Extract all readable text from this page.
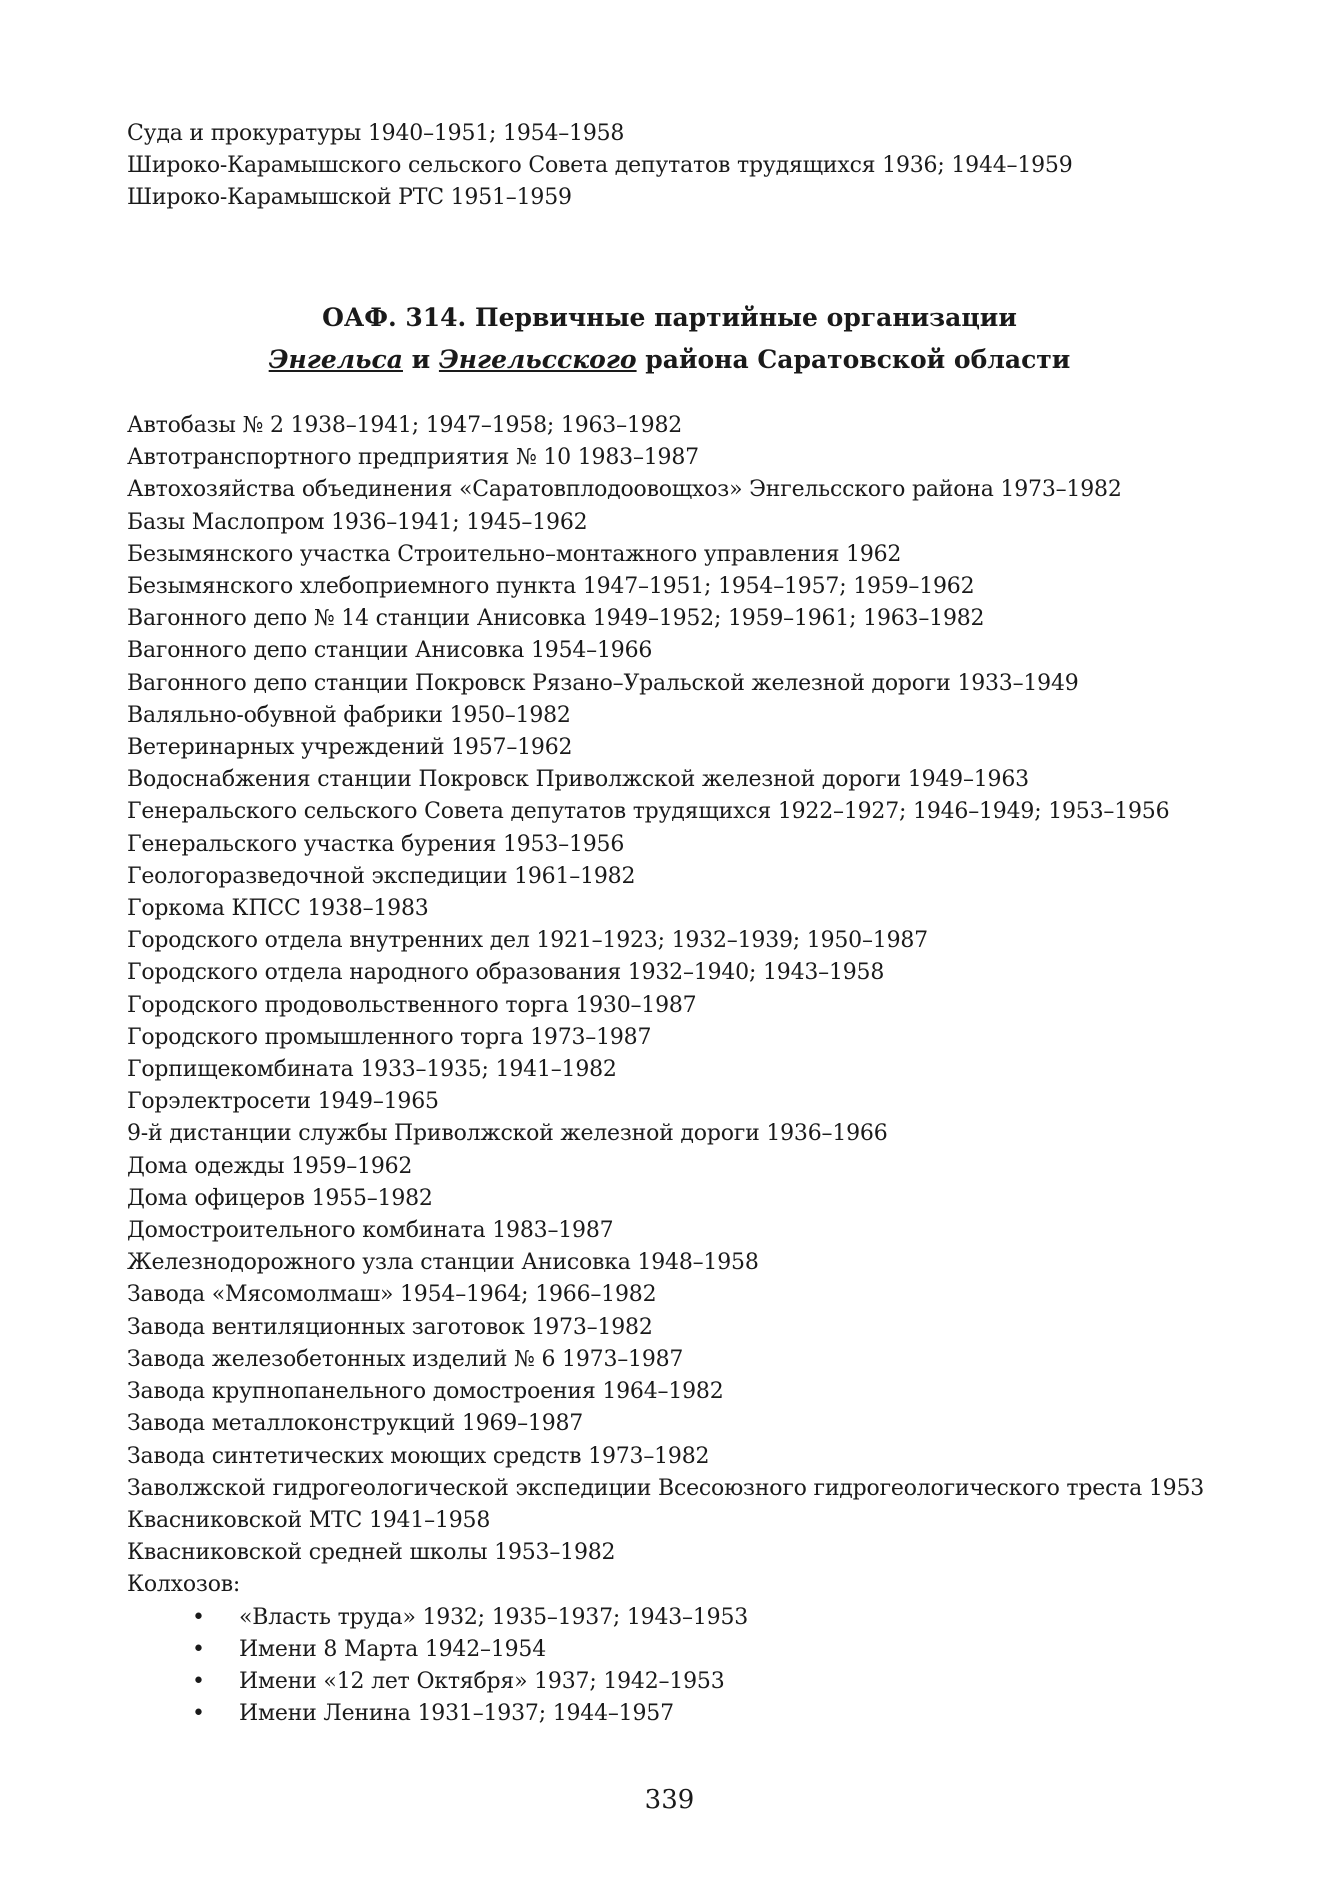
Суда и прокуратуры 1940–1951; 1954–1958
Широко-Карамышского сельского Совета депутатов трудящихся 1936; 1944–1959
Широко-Карамышской РТС 1951–1959
ОАФ. 314. Первичные партийные организации
Энгельса и Энгельсского района Саратовской области
Автобазы № 2 1938–1941; 1947–1958; 1963–1982
Автотранспортного предприятия № 10 1983–1987
Автохозяйства объединения «Саратовплодоовощхоз» Энгельсского района 1973–1982
Базы Маслопром 1936–1941; 1945–1962
Безымянского участка Строительно–монтажного управления 1962
Безымянского хлебоприемного пункта 1947–1951; 1954–1957; 1959–1962
Вагонного депо № 14 станции Анисовка 1949–1952; 1959–1961; 1963–1982
Вагонного депо станции Анисовка 1954–1966
Вагонного депо станции Покровск Рязано–Уральской железной дороги 1933–1949
Валяльно-обувной фабрики 1950–1982
Ветеринарных учреждений 1957–1962
Водоснабжения станции Покровск Приволжской железной дороги 1949–1963
Генеральского сельского Совета депутатов трудящихся 1922–1927; 1946–1949; 1953–1956
Генеральского участка бурения 1953–1956
Геологоразведочной экспедиции 1961–1982
Горкома КПСС 1938–1983
Городского отдела внутренних дел 1921–1923; 1932–1939; 1950–1987
Городского отдела народного образования 1932–1940; 1943–1958
Городского продовольственного торга 1930–1987
Городского промышленного торга 1973–1987
Горпищекомбината 1933–1935; 1941–1982
Горэлектросети 1949–1965
9-й дистанции службы Приволжской железной дороги 1936–1966
Дома одежды 1959–1962
Дома офицеров 1955–1982
Домостроительного комбината 1983–1987
Железнодорожного узла станции Анисовка 1948–1958
Завода «Мясомолмаш» 1954–1964; 1966–1982
Завода вентиляционных заготовок 1973–1982
Завода железобетонных изделий № 6 1973–1987
Завода крупнопанельного домостроения 1964–1982
Завода металлоконструкций 1969–1987
Завода синтетических моющих средств 1973–1982
Заволжской гидрогеологической экспедиции Всесоюзного гидрогеологического треста 1953
Квасниковской МТС 1941–1958
Квасниковской средней школы 1953–1982
Колхозов:
• «Власть труда» 1932; 1935–1937; 1943–1953
• Имени 8 Марта 1942–1954
• Имени «12 лет Октября» 1937; 1942–1953
• Имени Ленина 1931–1937; 1944–1957
339
